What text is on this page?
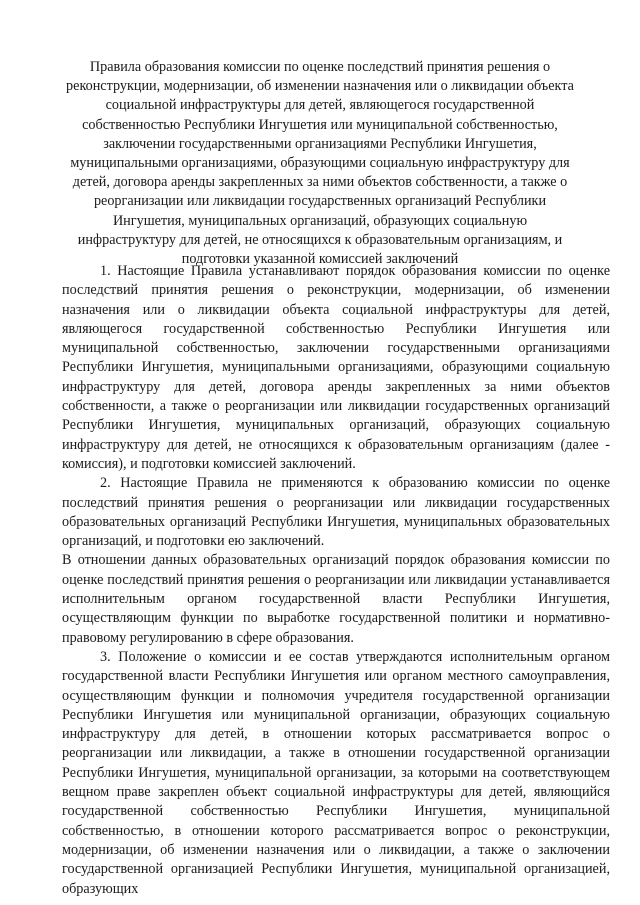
Правила образования комиссии по оценке последствий принятия решения о реконструкции, модернизации, об изменении назначения или о ликвидации объекта социальной инфраструктуры для детей, являющегося государственной собственностью Республики Ингушетия или муниципальной собственностью, заключении государственными организациями Республики Ингушетия, муниципальными организациями, образующими социальную инфраструктуру для детей, договора аренды закрепленных за ними объектов собственности, а также о реорганизации или ликвидации государственных организаций Республики Ингушетия, муниципальных организаций, образующих социальную инфраструктуру для детей, не относящихся к образовательным организациям, и подготовки указанной комиссией заключений

1. Настоящие Правила устанавливают порядок образования комиссии по оценке последствий принятия решения о реконструкции, модернизации, об изменении назначения или о ликвидации объекта социальной инфраструктуры для детей, являющегося государственной собственностью Республики Ингушетия или муниципальной собственностью, заключении государственными организациями Республики Ингушетия, муниципальными организациями, образующими социальную инфраструктуру для детей, договора аренды закрепленных за ними объектов собственности, а также о реорганизации или ликвидации государственных организаций Республики Ингушетия, муниципальных организаций, образующих социальную инфраструктуру для детей, не относящихся к образовательным организациям (далее - комиссия), и подготовки комиссией заключений.

2. Настоящие Правила не применяются к образованию комиссии по оценке последствий принятия решения о реорганизации или ликвидации государственных образовательных организаций Республики Ингушетия, муниципальных образовательных организаций, и подготовки ею заключений.

В отношении данных образовательных организаций порядок образования комиссии по оценке последствий принятия решения о реорганизации или ликвидации устанавливается исполнительным органом государственной власти Республики Ингушетия, осуществляющим функции по выработке государственной политики и нормативно-правовому регулированию в сфере образования.

3. Положение о комиссии и ее состав утверждаются исполнительным органом государственной власти Республики Ингушетия или органом местного самоуправления, осуществляющим функции и полномочия учредителя государственной организации Республики Ингушетия или муниципальной организации, образующих социальную инфраструктуру для детей, в отношении которых рассматривается вопрос о реорганизации или ликвидации, а также в отношении государственной организации Республики Ингушетия, муниципальной организации, за которыми на соответствующем вещном праве закреплен объект социальной инфраструктуры для детей, являющийся государственной собственностью Республики Ингушетия, муниципальной собственностью, в отношении которого рассматривается вопрос о реконструкции, модернизации, об изменении назначения или о ликвидации, а также о заключении государственной организацией Республики Ингушетия, муниципальной организацией, образующих
